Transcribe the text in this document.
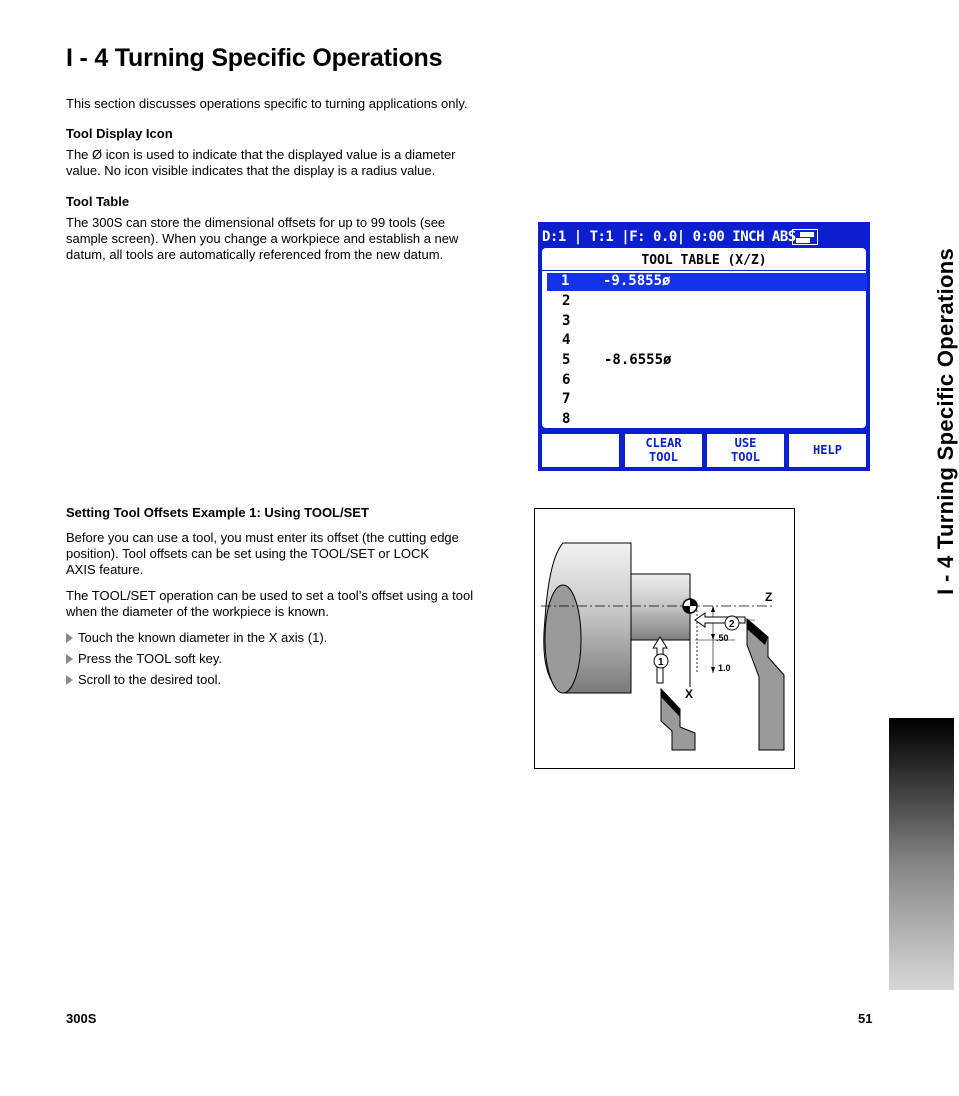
I - 4 Turning Specific Operations
This section discusses operations specific to turning applications only.
Tool Display Icon
The Ø icon is used to indicate that the displayed value is a diameter
value. No icon visible indicates that the display is a radius value.
Tool Table
The 300S can store the dimensional offsets for up to 99 tools (see
sample screen). When you change a workpiece and establish a new
datum, all tools are automatically referenced from the new datum.
D:1 | T:1 |F: 0.0| 0:00 INCH ABS
TOOL TABLE (X/Z)
1 -9.5855ø
2
3
4
5 -8.6555ø
6
7
8
CLEAR
TOOL
USE
TOOL	HELP
Setting Tool Offsets Example 1: Using TOOL/SET
Before you can use a tool, you must enter its offset (the cutting edge
position). Tool offsets can be set using the TOOL/SET or LOCK
AXIS feature.
The TOOL/SET operation can be used to set a tool’s offset using a tool
when the diameter of the workpiece is known.
Touch the known diameter in the X axis (1).
Press the TOOL soft key.
Scroll to the desired tool.
.50
1.0
Z
X
2
1
I - 4 Turning Specific Operations
300S	51
